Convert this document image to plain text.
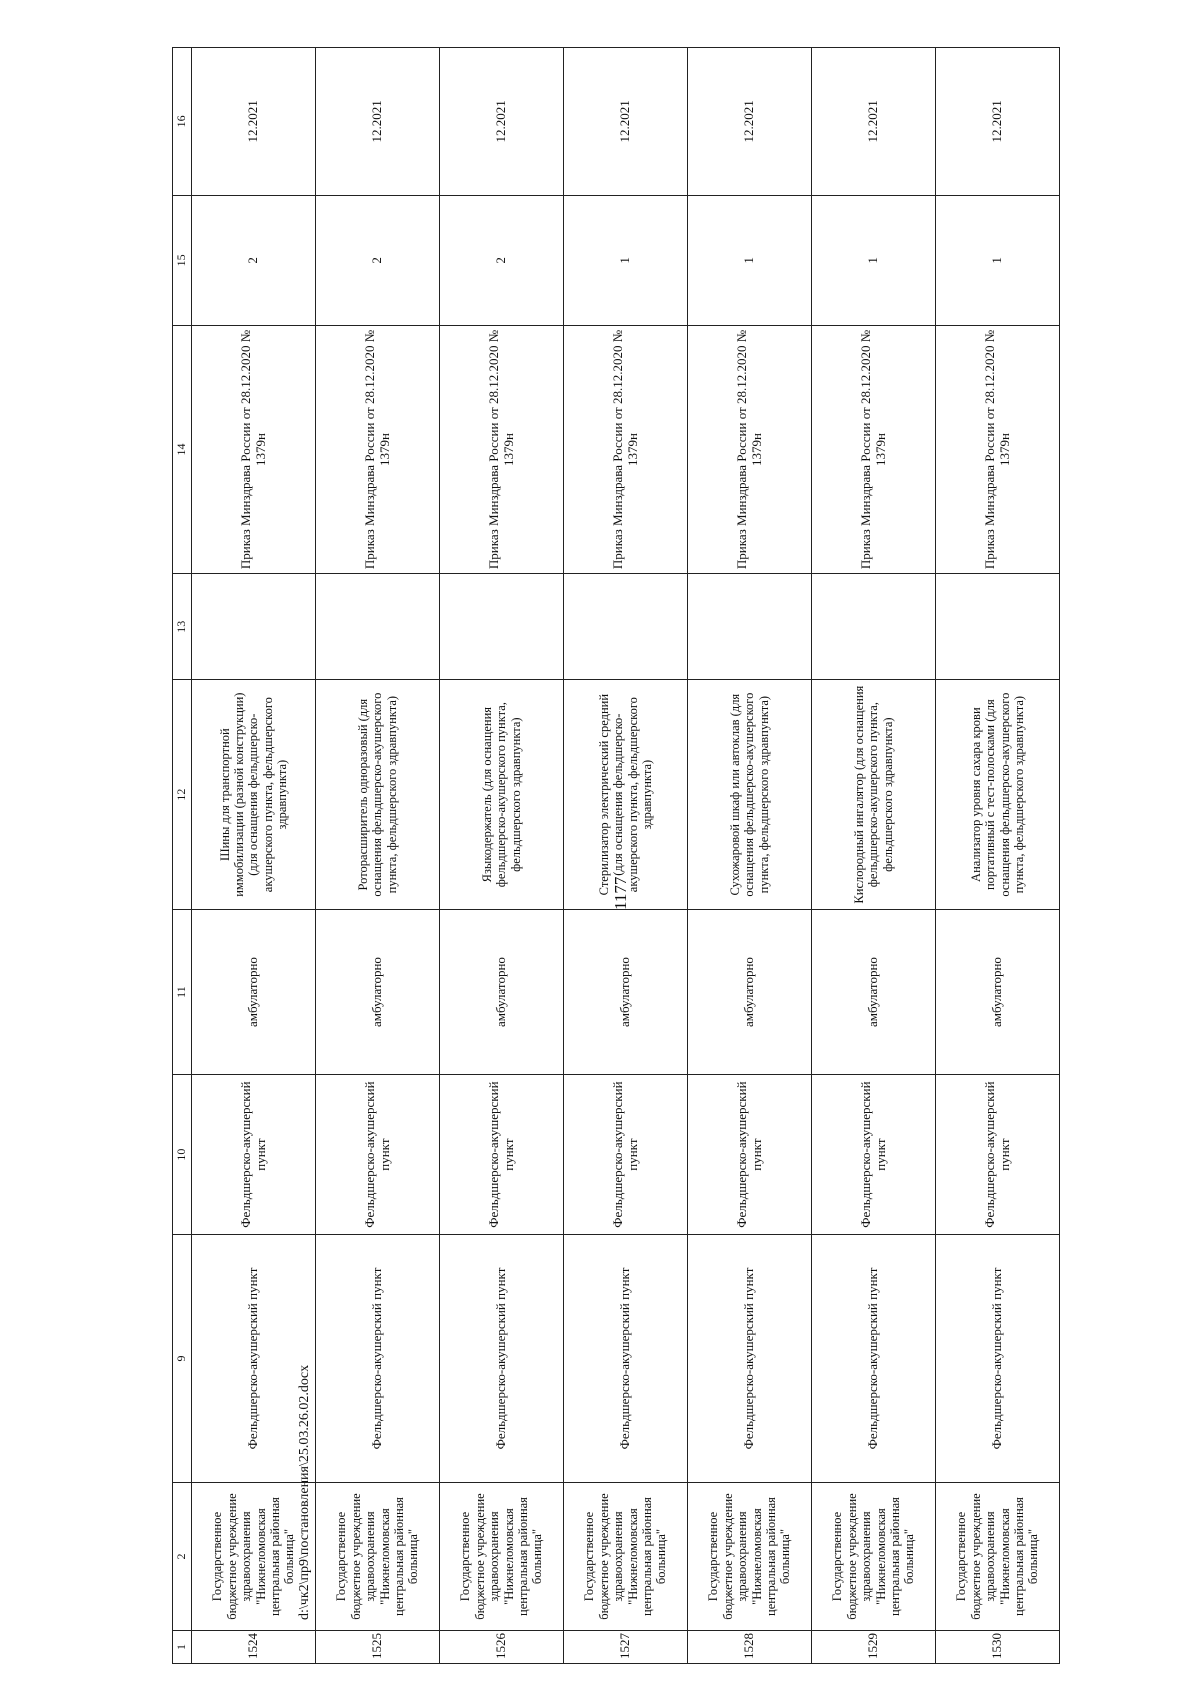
1177
d:\чк2\пр9\постановления\25.03.26.02.docx
1	2	9	10	11	12	13	14	15	16
1524	Государственное бюджетное учреждение здравоохранения "Нижнеломовская центральная районная больница"	Фельдшерско-акушерский пункт	Фельдшерско-акушерский пункт	амбулаторно	Шины для транспортной иммобилизации (разной конструкции) (для оснащения фельдшерско-акушерского пункта, фельдшерского здравпункта)		Приказ Минздрава России от 28.12.2020 № 1379н	2	12.2021
1525	Государственное бюджетное учреждение здравоохранения "Нижнеломовская центральная районная больница"	Фельдшерско-акушерский пункт	Фельдшерско-акушерский пункт	амбулаторно	Роторасширитель одноразовый (для оснащения фельдшерско-акушерского пункта, фельдшерского здравпункта)		Приказ Минздрава России от 28.12.2020 № 1379н	2	12.2021
1526	Государственное бюджетное учреждение здравоохранения "Нижнеломовская центральная районная больница"	Фельдшерско-акушерский пункт	Фельдшерско-акушерский пункт	амбулаторно	Языкодержатель (для оснащения фельдшерско-акушерского пункта, фельдшерского здравпункта)		Приказ Минздрава России от 28.12.2020 № 1379н	2	12.2021
1527	Государственное бюджетное учреждение здравоохранения "Нижнеломовская центральная районная больница"	Фельдшерско-акушерский пункт	Фельдшерско-акушерский пункт	амбулаторно	Стерилизатор электрический средний (для оснащения фельдшерско-акушерского пункта, фельдшерского здравпункта)		Приказ Минздрава России от 28.12.2020 № 1379н	1	12.2021
1528	Государственное бюджетное учреждение здравоохранения "Нижнеломовская центральная районная больница"	Фельдшерско-акушерский пункт	Фельдшерско-акушерский пункт	амбулаторно	Сухожаровой шкаф или автоклав (для оснащения фельдшерско-акушерского пункта, фельдшерского здравпункта)		Приказ Минздрава России от 28.12.2020 № 1379н	1	12.2021
1529	Государственное бюджетное учреждение здравоохранения "Нижнеломовская центральная районная больница"	Фельдшерско-акушерский пункт	Фельдшерско-акушерский пункт	амбулаторно	Кислородный ингалятор (для оснащения фельдшерско-акушерского пункта, фельдшерского здравпункта)		Приказ Минздрава России от 28.12.2020 № 1379н	1	12.2021
1530	Государственное бюджетное учреждение здравоохранения "Нижнеломовская центральная районная больница"	Фельдшерско-акушерский пункт	Фельдшерско-акушерский пункт	амбулаторно	Анализатор уровня сахара крови портативный с тест-полосками (для оснащения фельдшерско-акушерского пункта, фельдшерского здравпункта)		Приказ Минздрава России от 28.12.2020 № 1379н	1	12.2021
